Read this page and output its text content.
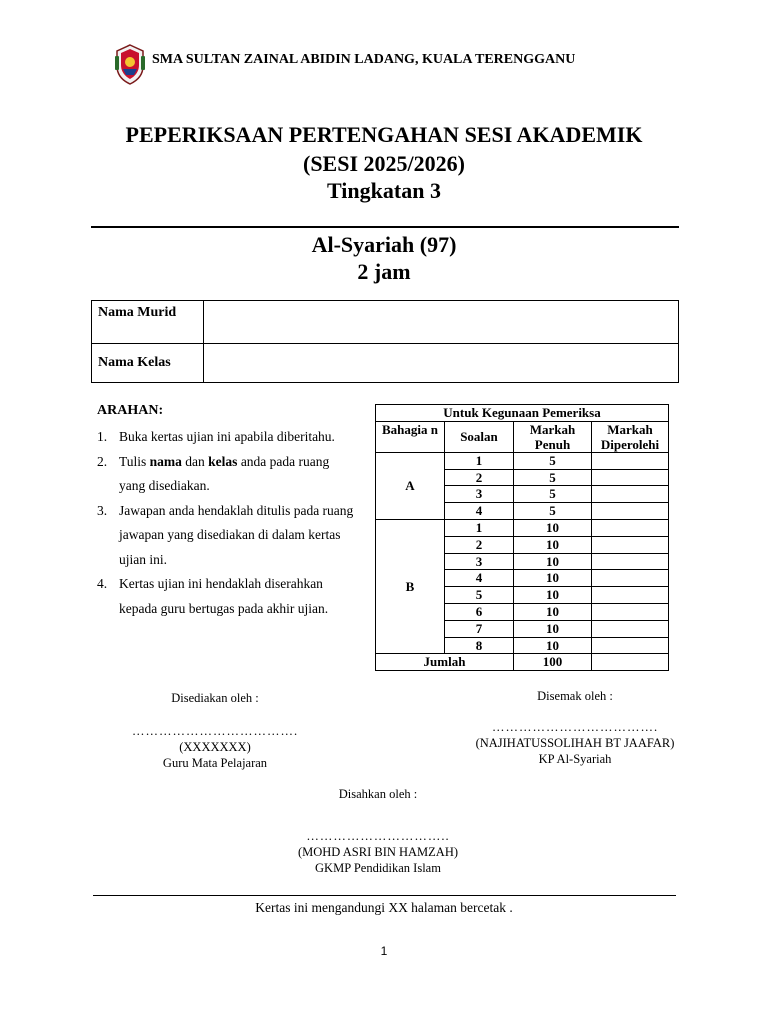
SMA SULTAN ZAINAL ABIDIN LADANG, KUALA TERENGGANU
PEPERIKSAAN PERTENGAHAN SESI AKADEMIK
(SESI 2025/2026)
Tingkatan 3
Al-Syariah (97)
2 jam
Nama Murid	
Nama Kelas	
ARAHAN:
1. Buka kertas ujian ini apabila diberitahu.
2. Tulis nama dan kelas anda pada ruang yang disediakan.
3. Jawapan anda hendaklah ditulis pada ruang jawapan yang disediakan di dalam kertas ujian ini.
4. Kertas ujian ini hendaklah diserahkan kepada guru bertugas pada akhir ujian.
Untuk Kegunaan Pemeriksa			
Bahagia n	Soalan	Markah Penuh	Markah Diperolehi
A	1	5	
	2	5	
	3	5	
	4	5	
B	1	10	
	2	10	
	3	10	
	4	10	
	5	10	
	6	10	
	7	10	
	8	10	
Jumlah		100	
Disediakan oleh :
……………………………….
(XXXXXXX)
Guru Mata Pelajaran
Disemak oleh :
……………………………….
(NAJIHATUSSOLIHAH BT JAAFAR)
KP Al-Syariah
Disahkan oleh :
…………………………..
(MOHD ASRI BIN HAMZAH)
GKMP Pendidikan Islam
Kertas ini mengandungi XX halaman bercetak .
1
